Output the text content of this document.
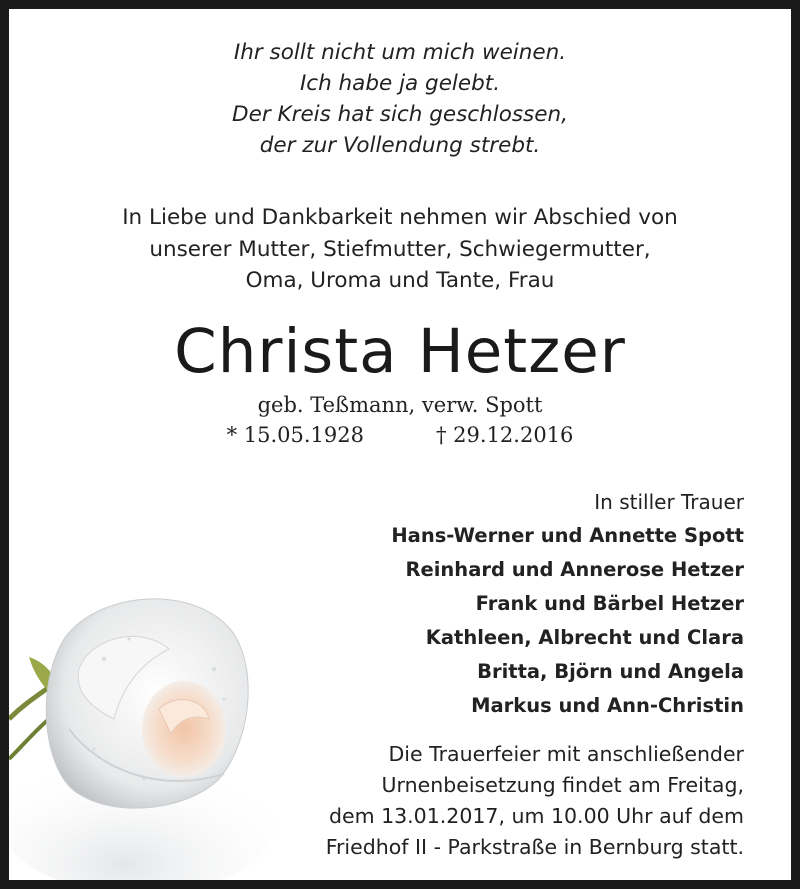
Ihr sollt nicht um mich weinen.
Ich habe ja gelebt.
Der Kreis hat sich geschlossen,
der zur Vollendung strebt.
In Liebe und Dankbarkeit nehmen wir Abschied von
unserer Mutter, Stiefmutter, Schwiegermutter,
Oma, Uroma und Tante, Frau
Christa Hetzer
geb. Teßmann, verw. Spott
* 15.05.1928	† 29.12.2016
In stiller Trauer
Hans-Werner und Annette Spott
Reinhard und Annerose Hetzer
Frank und Bärbel Hetzer
Kathleen, Albrecht und Clara
Britta, Björn und Angela
Markus und Ann-Christin
Die Trauerfeier mit anschließender
Urnenbeisetzung findet am Freitag,
dem 13.01.2017, um 10.00 Uhr auf dem
Friedhof II - Parkstraße in Bernburg statt.
